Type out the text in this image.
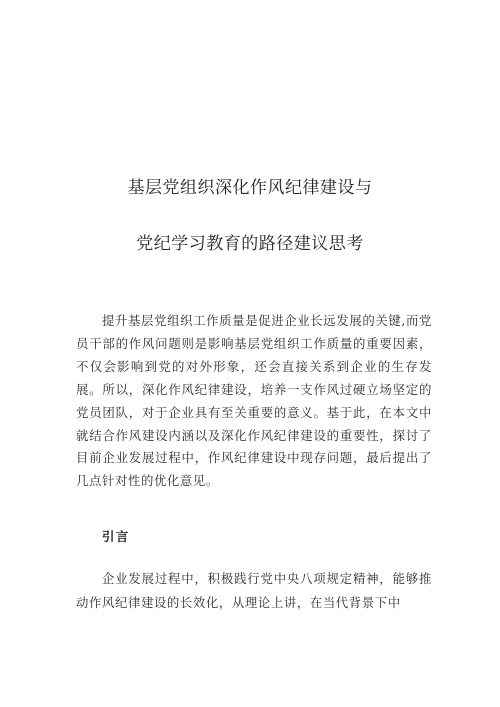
基层党组织深化作风纪律建设与
党纪学习教育的路径建议思考

提升基层党组织工作质量是促进企业长远发展的关键,而党员干部的作风问题则是影响基层党组织工作质量的重要因素，不仅会影响到党的对外形象，还会直接关系到企业的生存发展。所以，深化作风纪律建设，培养一支作风过硬立场坚定的党员团队，对于企业具有至关重要的意义。基于此，在本文中就结合作风建设内涵以及深化作风纪律建设的重要性，探讨了目前企业发展过程中，作风纪律建设中现存问题，最后提出了几点针对性的优化意见。

引言

企业发展过程中，积极践行党中央八项规定精神，能够推动作风纪律建设的长效化，从理论上讲，在当代背景下中
